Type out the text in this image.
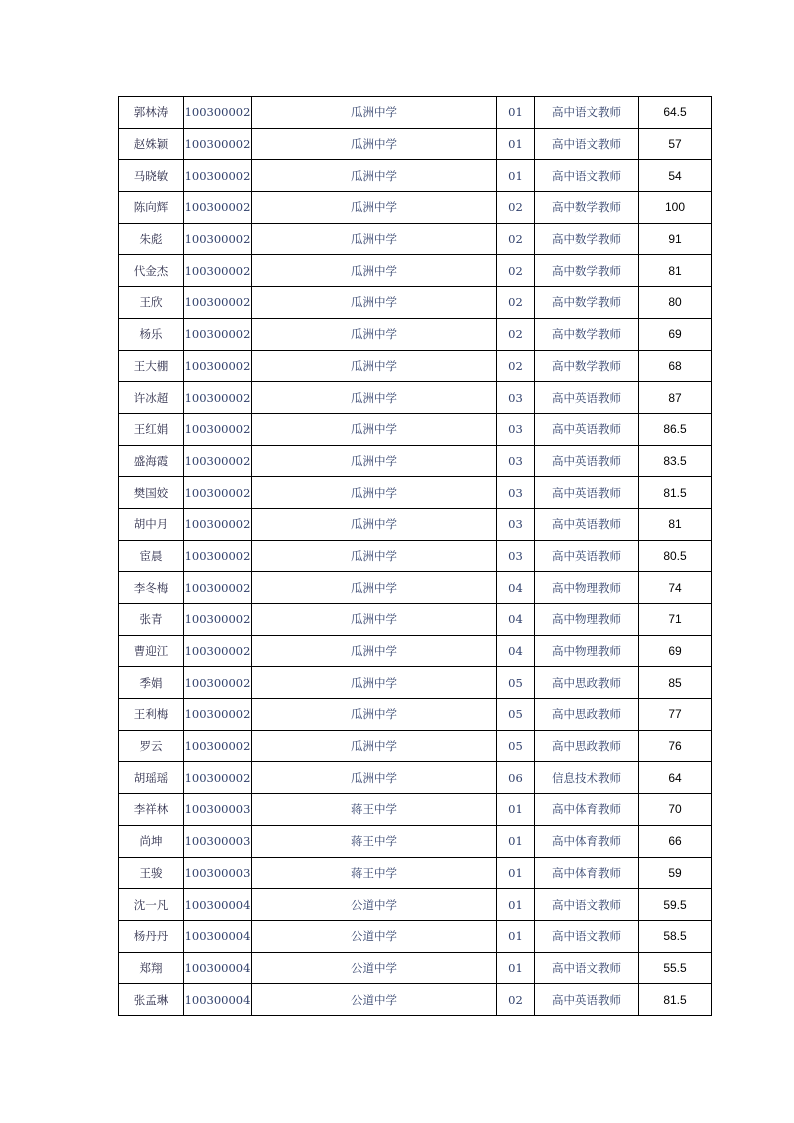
郭林涛	100300002	瓜洲中学	01	高中语文教师	64.5
赵姝颖	100300002	瓜洲中学	01	高中语文教师	57
马晓敏	100300002	瓜洲中学	01	高中语文教师	54
陈向辉	100300002	瓜洲中学	02	高中数学教师	100
朱彪	100300002	瓜洲中学	02	高中数学教师	91
代金杰	100300002	瓜洲中学	02	高中数学教师	81
王欣	100300002	瓜洲中学	02	高中数学教师	80
杨乐	100300002	瓜洲中学	02	高中数学教师	69
王大棚	100300002	瓜洲中学	02	高中数学教师	68
许冰超	100300002	瓜洲中学	03	高中英语教师	87
王红娟	100300002	瓜洲中学	03	高中英语教师	86.5
盛海霞	100300002	瓜洲中学	03	高中英语教师	83.5
樊国姣	100300002	瓜洲中学	03	高中英语教师	81.5
胡中月	100300002	瓜洲中学	03	高中英语教师	81
宦晨	100300002	瓜洲中学	03	高中英语教师	80.5
李冬梅	100300002	瓜洲中学	04	高中物理教师	74
张青	100300002	瓜洲中学	04	高中物理教师	71
曹迎江	100300002	瓜洲中学	04	高中物理教师	69
季娟	100300002	瓜洲中学	05	高中思政教师	85
王利梅	100300002	瓜洲中学	05	高中思政教师	77
罗云	100300002	瓜洲中学	05	高中思政教师	76
胡瑶瑶	100300002	瓜洲中学	06	信息技术教师	64
李祥林	100300003	蒋王中学	01	高中体育教师	70
尚坤	100300003	蒋王中学	01	高中体育教师	66
王骏	100300003	蒋王中学	01	高中体育教师	59
沈一凡	100300004	公道中学	01	高中语文教师	59.5
杨丹丹	100300004	公道中学	01	高中语文教师	58.5
郑翔	100300004	公道中学	01	高中语文教师	55.5
张孟琳	100300004	公道中学	02	高中英语教师	81.5
